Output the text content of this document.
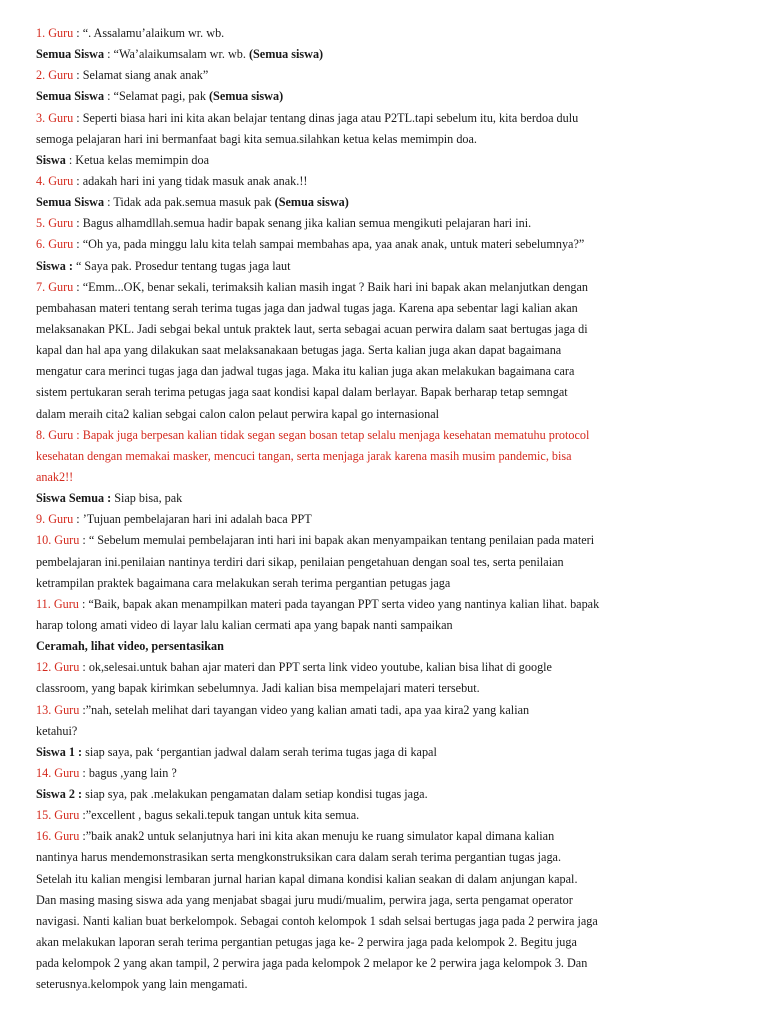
1. Guru : “. Assalamu’alaikum wr. wb.
Semua Siswa : “Wa’alaikumsalam wr. wb. (Semua siswa)
2. Guru : Selamat siang anak anak”
Semua Siswa : “Selamat pagi, pak (Semua siswa)
3. Guru : Seperti biasa hari ini kita akan belajar tentang dinas jaga atau P2TL.tapi sebelum itu, kita berdoa dulu
semoga pelajaran hari ini bermanfaat bagi kita semua.silahkan ketua kelas memimpin doa.
Siswa : Ketua kelas memimpin doa
4. Guru : adakah hari ini yang tidak masuk anak anak.!!
Semua Siswa : Tidak ada pak.semua masuk pak (Semua siswa)
5. Guru : Bagus alhamdllah.semua hadir bapak senang jika kalian semua mengikuti pelajaran hari ini.
6. Guru : “Oh ya, pada minggu lalu kita telah sampai membahas apa, yaa anak anak, untuk materi sebelumnya?”
Siswa : “ Saya pak. Prosedur tentang tugas jaga laut
7. Guru : “Emm...OK, benar sekali, terimaksih kalian masih ingat ? Baik hari ini bapak akan melanjutkan dengan
pembahasan materi tentang serah terima tugas jaga dan jadwal tugas jaga. Karena apa sebentar lagi kalian akan
melaksanakan PKL. Jadi sebgai bekal untuk praktek laut, serta sebagai acuan perwira dalam saat bertugas jaga di
kapal dan hal apa yang dilakukan saat melaksanakaan betugas jaga. Serta kalian juga akan dapat bagaimana
mengatur cara merinci tugas jaga dan jadwal tugas jaga. Maka itu kalian juga akan melakukan bagaimana cara
sistem pertukaran serah terima petugas jaga saat kondisi kapal dalam berlayar. Bapak berharap tetap semngat
dalam meraih cita2 kalian sebgai calon calon pelaut perwira kapal go internasional
8. Guru : Bapak juga berpesan kalian tidak segan segan bosan tetap selalu menjaga kesehatan mematuhu protocol
kesehatan dengan memakai masker, mencuci tangan, serta menjaga jarak karena masih musim pandemic, bisa
anak2!!
Siswa Semua : Siap bisa, pak
9. Guru : ’Tujuan pembelajaran hari ini adalah baca PPT
10. Guru : “ Sebelum memulai pembelajaran inti hari ini bapak akan menyampaikan tentang penilaian pada materi
pembelajaran ini.penilaian nantinya terdiri dari sikap, penilaian pengetahuan dengan soal tes, serta penilaian
ketrampilan praktek bagaimana cara melakukan serah terima pergantian petugas jaga
11. Guru : “Baik, bapak akan menampilkan materi pada tayangan PPT serta video yang nantinya kalian lihat. bapak
harap tolong amati video di layar lalu kalian cermati apa yang bapak nanti sampaikan
Ceramah, lihat video, persentasikan
12. Guru : ok,selesai.untuk bahan ajar materi dan PPT serta link video youtube, kalian bisa lihat di google
classroom, yang bapak kirimkan sebelumnya. Jadi kalian bisa mempelajari materi tersebut.
13. Guru :”nah, setelah melihat dari tayangan video yang kalian amati tadi, apa yaa kira2 yang kalian
ketahui?
Siswa 1 : siap saya, pak ‘pergantian jadwal dalam serah terima tugas jaga di kapal
14. Guru : bagus ,yang lain ?
Siswa 2 : siap sya, pak .melakukan pengamatan dalam setiap kondisi tugas jaga.
15. Guru :”excellent , bagus sekali.tepuk tangan untuk kita semua.
16. Guru :”baik anak2 untuk selanjutnya hari ini kita akan menuju ke ruang simulator kapal dimana kalian
nantinya harus mendemonstrasikan serta mengkonstruksikan cara dalam serah terima pergantian tugas jaga.
Setelah itu kalian mengisi lembaran jurnal harian kapal dimana kondisi kalian seakan di dalam anjungan kapal.
Dan masing masing siswa ada yang menjabat sbagai juru mudi/mualim, perwira jaga, serta pengamat operator
navigasi. Nanti kalian buat berkelompok. Sebagai contoh kelompok 1 sdah selsai bertugas jaga pada 2 perwira jaga
akan melakukan laporan serah terima pergantian petugas jaga ke- 2 perwira jaga pada kelompok 2. Begitu juga
pada kelompok 2 yang akan tampil, 2 perwira jaga pada kelompok 2 melapor ke 2 perwira jaga kelompok 3. Dan
seterusnya.kelompok yang lain mengamati.
